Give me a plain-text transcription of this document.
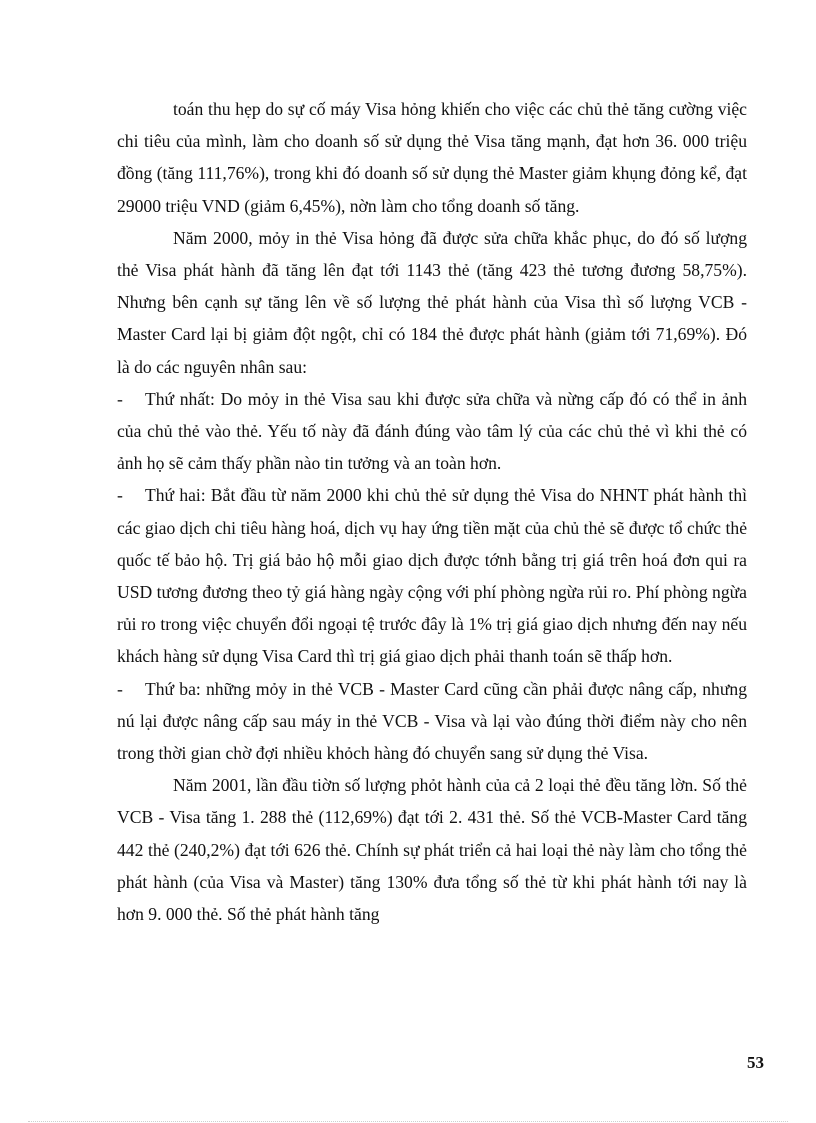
toán thu hẹp do sự cố máy Visa hỏng khiến cho việc các chủ thẻ tăng cường việc chi tiêu của mình, làm cho doanh số sử dụng thẻ Visa tăng mạnh, đạt hơn 36. 000 triệu đồng (tăng 111,76%), trong khi đó doanh số sử dụng thẻ Master giảm khụng đỏng kể, đạt 29000 triệu VND (giảm 6,45%), nờn làm cho tổng doanh số tăng.

Năm 2000, mỏy in thẻ Visa hỏng đã được sửa chữa khắc phục, do đó số lượng thẻ Visa phát hành đã tăng lên đạt tới 1143 thẻ (tăng 423 thẻ tương đương 58,75%). Nhưng bên cạnh sự tăng lên về số lượng thẻ phát hành của Visa thì số lượng VCB - Master Card lại bị giảm đột ngột, chỉ có 184 thẻ được phát hành (giảm tới 71,69%). Đó là do các nguyên nhân sau:

- Thứ nhất: Do mỏy in thẻ Visa sau khi được sửa chữa và nừng cấp đó có thể in ảnh của chủ thẻ vào thẻ. Yếu tố này đã đánh đúng vào tâm lý của các chủ thẻ vì khi thẻ có ảnh họ sẽ cảm thấy phần nào tin tưởng và an toàn hơn.

- Thứ hai: Bắt đầu từ năm 2000 khi chủ thẻ sử dụng thẻ Visa do NHNT phát hành thì các giao dịch chi tiêu hàng hoá, dịch vụ hay ứng tiền mặt của chủ thẻ sẽ được tổ chức thẻ quốc tế bảo hộ. Trị giá bảo hộ mỗi giao dịch được tớnh bằng trị giá trên hoá đơn qui ra USD tương đương theo tỷ giá hàng ngày cộng với phí phòng ngừa rủi ro. Phí phòng ngừa rủi ro trong việc chuyển đổi ngoại tệ trước đây là 1% trị giá giao dịch nhưng đến nay nếu khách hàng sử dụng Visa Card thì trị giá giao dịch phải thanh toán sẽ thấp hơn.

- Thứ ba: những mỏy in thẻ VCB - Master Card cũng cần phải được nâng cấp, nhưng nú lại được nâng cấp sau máy in thẻ VCB - Visa và lại vào đúng thời điểm này cho nên trong thời gian chờ đợi nhiều khỏch hàng đó chuyển sang sử dụng thẻ Visa.

Năm 2001, lần đầu tiờn số lượng phỏt hành của cả 2 loại thẻ đều tăng lờn. Số thẻ VCB - Visa tăng 1. 288 thẻ (112,69%) đạt tới 2. 431 thẻ. Số thẻ VCB-Master Card tăng 442 thẻ (240,2%) đạt tới 626 thẻ. Chính sự phát triển cả hai loại thẻ này làm cho tổng thẻ phát hành (của Visa và Master) tăng 130% đưa tổng số thẻ từ khi phát hành tới nay là hơn 9. 000 thẻ. Số thẻ phát hành tăng

53
